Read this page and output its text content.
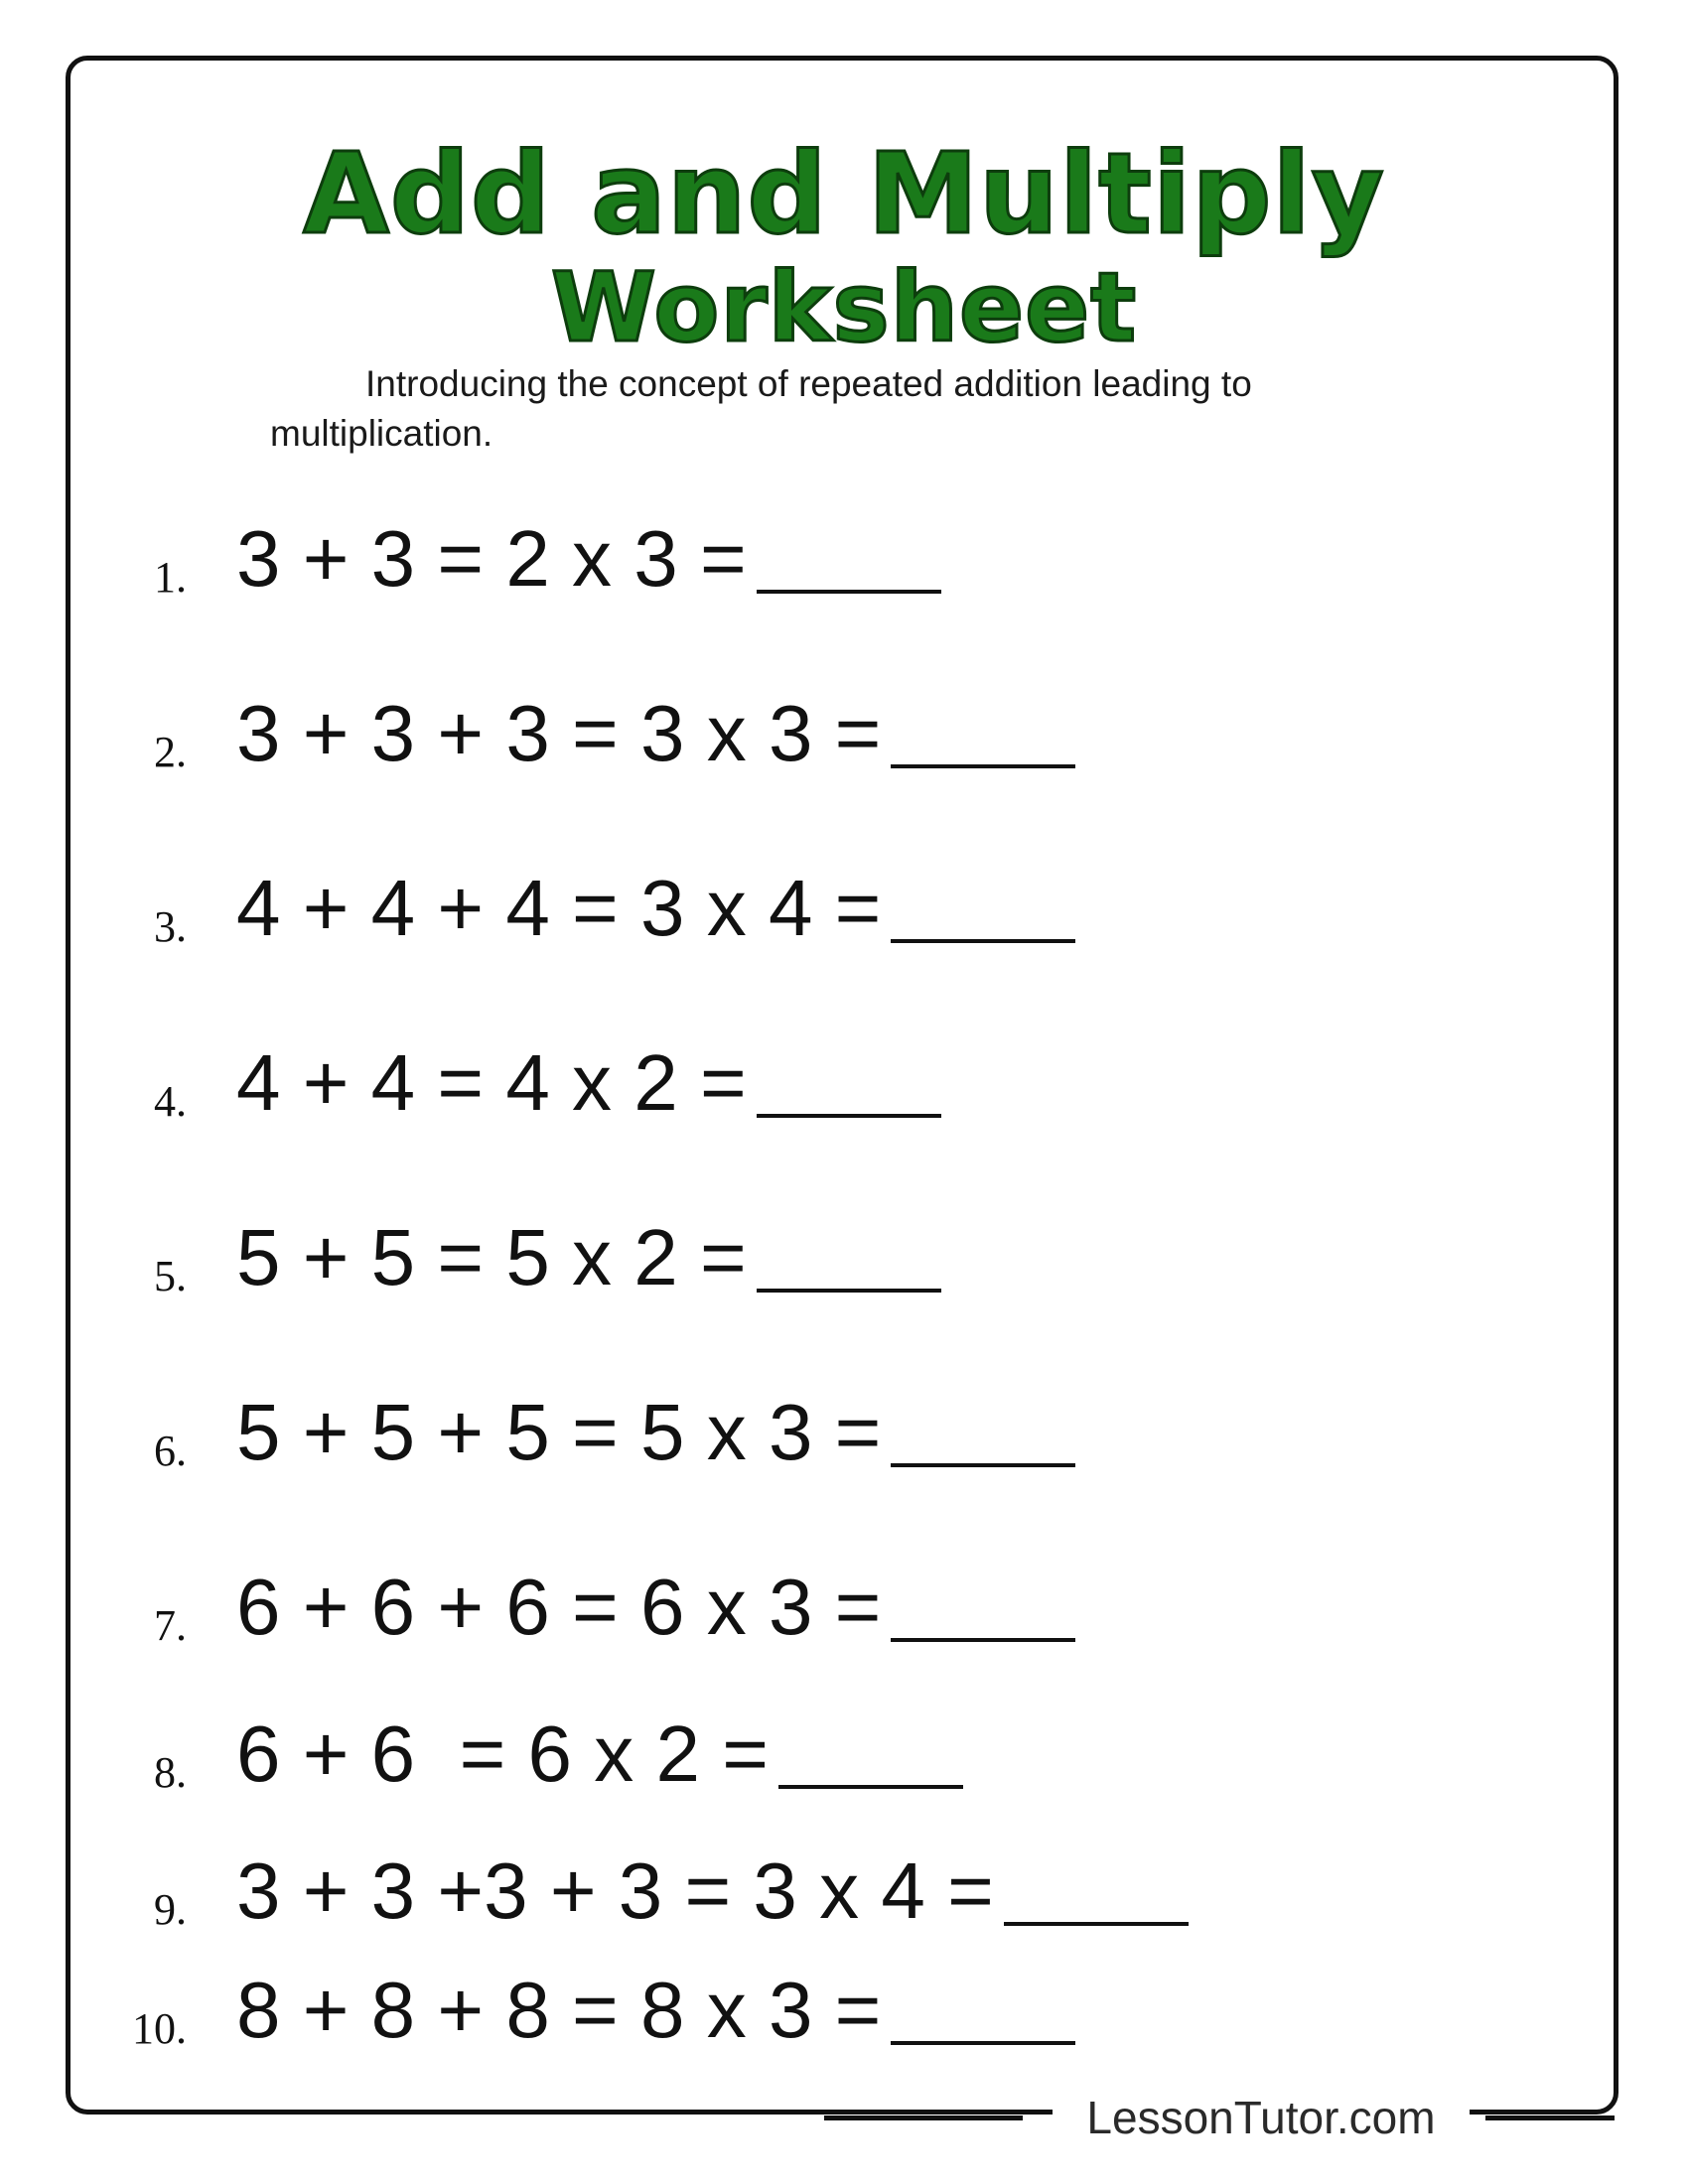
Add and Multiply
Worksheet
Introducing the concept of repeated addition leading to multiplication.
1. 3 + 3 = 2 x 3 =
2. 3 + 3 + 3 = 3 x 3 =
3. 4 + 4 + 4 = 3 x 4 =
4. 4 + 4 = 4 x 2 =
5. 5 + 5 = 5 x 2 =
6. 5 + 5 + 5 = 5 x 3 =
7. 6 + 6 + 6 = 6 x 3 =
8. 6 + 6  = 6 x 2 =
9. 3 + 3 +3 + 3 = 3 x 4 =
10. 8 + 8 + 8 = 8 x 3 =
LessonTutor.com
